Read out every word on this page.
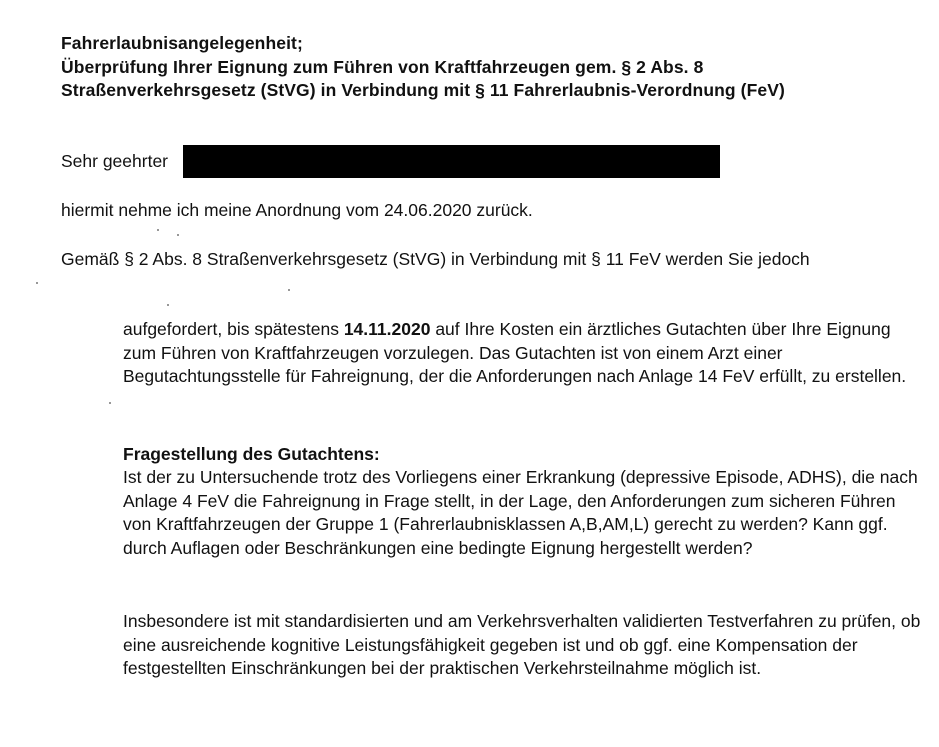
Fahrerlaubnisangelegenheit;
Überprüfung Ihrer Eignung zum Führen von Kraftfahrzeugen gem. § 2 Abs. 8
Straßenverkehrsgesetz (StVG) in Verbindung mit § 11 Fahrerlaubnis-Verordnung (FeV)
Sehr geehrter
hiermit nehme ich meine Anordnung vom 24.06.2020 zurück.
Gemäß § 2 Abs. 8 Straßenverkehrsgesetz (StVG) in Verbindung mit § 11 FeV werden Sie jedoch
aufgefordert, bis spätestens 14.11.2020 auf Ihre Kosten ein ärztliches Gutachten über Ihre Eignung zum Führen von Kraftfahrzeugen vorzulegen. Das Gutachten ist von einem Arzt einer Begutachtungsstelle für Fahreignung, der die Anforderungen nach Anlage 14 FeV erfüllt, zu erstellen.
Fragestellung des Gutachtens:
Ist der zu Untersuchende trotz des Vorliegens einer Erkrankung (depressive Episode, ADHS), die nach Anlage 4 FeV die Fahreignung in Frage stellt, in der Lage, den Anforderungen zum sicheren Führen von Kraftfahrzeugen der Gruppe 1 (Fahrerlaubnisklassen A,B,AM,L) gerecht zu werden? Kann ggf. durch Auflagen oder Beschränkungen eine bedingte Eignung hergestellt werden?
Insbesondere ist mit standardisierten und am Verkehrsverhalten validierten Testverfahren zu prüfen, ob eine ausreichende kognitive Leistungsfähigkeit gegeben ist und ob ggf. eine Kompensation der festgestellten Einschränkungen bei der praktischen Verkehrsteilnahme möglich ist.
